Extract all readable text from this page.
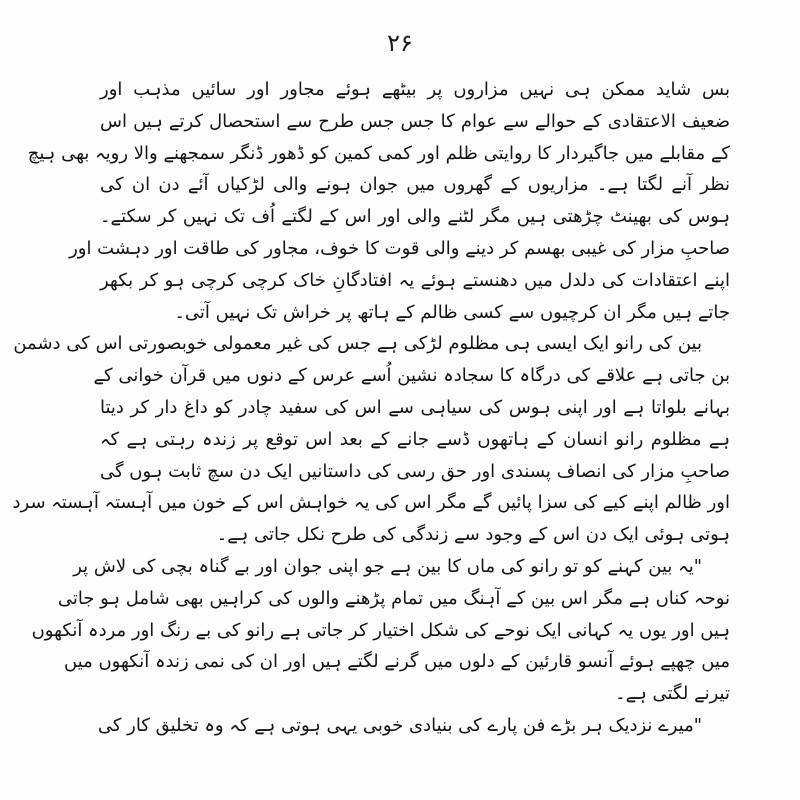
۲۶
بس شاید ممکن ہی نہیں مزاروں پر بیٹھے ہوئے مجاور اور سائیں مذہب اور
ضعیف الاعتقادی کے حوالے سے عوام کا جس جس طرح سے استحصال کرتے ہیں اس
کے مقابلے میں جاگیردار کا روایتی ظلم اور کمی کمین کو ڈھور ڈنگر سمجھنے والا رویہ بھی ہیچ
نظر آنے لگتا ہے۔ مزاریوں کے گھروں میں جوان ہونے والی لڑکیاں آئے دن ان کی
ہوس کی بھینٹ چڑھتی ہیں مگر لٹنے والی اور اس کے لگتے اُف تک نہیں کر سکتے۔
صاحبِ مزار کی غیبی بھسم کر دینے والی قوت کا خوف، مجاور کی طاقت اور دہشت اور
اپنے اعتقادات کی دلدل میں دھنستے ہوئے یہ افتادگانِ خاک کرچی کرچی ہو کر بکھر
جاتے ہیں مگر ان کرچیوں سے کسی ظالم کے ہاتھ پر خراش تک نہیں آتی۔
بین کی رانو ایک ایسی ہی مظلوم لڑکی ہے جس کی غیر معمولی خوبصورتی اس کی دشمن
بن جاتی ہے علاقے کی درگاہ کا سجادہ نشین اُسے عرس کے دنوں میں قرآن خوانی کے
بہانے بلواتا ہے اور اپنی ہوس کی سیاہی سے اس کی سفید چادر کو داغ دار کر دیتا
ہے مظلوم رانو انسان کے ہاتھوں ڈسے جانے کے بعد اس توقع پر زندہ رہتی ہے کہ
صاحبِ مزار کی انصاف پسندی اور حق رسی کی داستانیں ایک دن سچ ثابت ہوں گی
اور ظالم اپنے کیے کی سزا پائیں گے مگر اس کی یہ خواہش اس کے خون میں آہستہ آہستہ سرد
ہوتی ہوئی ایک دن اس کے وجود سے زندگی کی طرح نکل جاتی ہے۔
"یہ بین کہنے کو تو رانو کی ماں کا بین ہے جو اپنی جوان اور بے گناہ بچی کی لاش پر
نوحہ کناں ہے مگر اس بین کے آہنگ میں تمام پڑھنے والوں کی کراہیں بھی شامل ہو جاتی
ہیں اور یوں یہ کہانی ایک نوحے کی شکل اختیار کر جاتی ہے رانو کی بے رنگ اور مردہ آنکھوں
میں چھپے ہوئے آنسو قارئین کے دلوں میں گرنے لگتے ہیں اور ان کی نمی زندہ آنکھوں میں
تیرنے لگتی ہے۔
"میرے نزدیک ہر بڑے فن پارے کی بنیادی خوبی یہی ہوتی ہے کہ وہ تخلیق کار کی
